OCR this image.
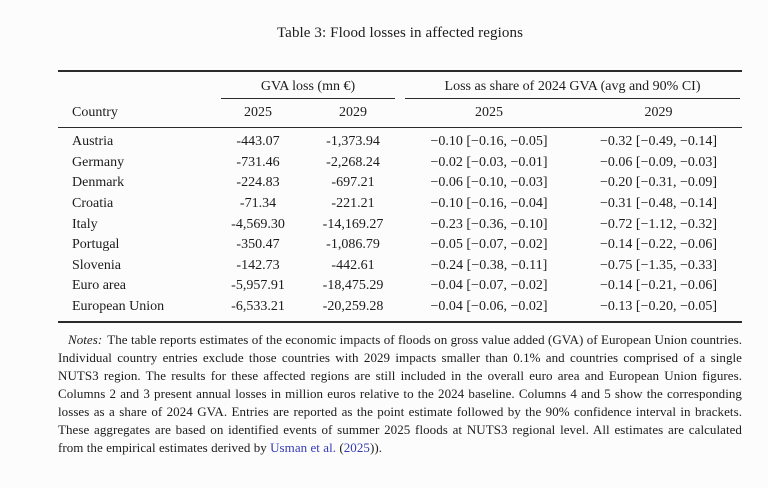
Table 3: Flood losses in affected regions

	GVA loss (mn €)		Loss as share of 2024 GVA (avg and 90% CI)	

Country	2025	2029	2025	2029
Austria	-443.07	-1,373.94	−0.10 [−0.16, −0.05]	−0.32 [−0.49, −0.14]
Germany	-731.46	-2,268.24	−0.02 [−0.03, −0.01]	−0.06 [−0.09, −0.03]
Denmark	-224.83	-697.21	−0.06 [−0.10, −0.03]	−0.20 [−0.31, −0.09]
Croatia	-71.34	-221.21	−0.10 [−0.16, −0.04]	−0.31 [−0.48, −0.14]
Italy	-4,569.30	-14,169.27	−0.23 [−0.36, −0.10]	−0.72 [−1.12, −0.32]
Portugal	-350.47	-1,086.79	−0.05 [−0.07, −0.02]	−0.14 [−0.22, −0.06]
Slovenia	-142.73	-442.61	−0.24 [−0.38, −0.11]	−0.75 [−1.35, −0.33]
Euro area	-5,957.91	-18,475.29	−0.04 [−0.07, −0.02]	−0.14 [−0.21, −0.06]
European Union	-6,533.21	-20,259.28	−0.04 [−0.06, −0.02]	−0.13 [−0.20, −0.05]

Notes: The table reports estimates of the economic impacts of floods on gross value added (GVA) of European Union countries. Individual country entries exclude those countries with 2029 impacts smaller than 0.1% and countries comprised of a single NUTS3 region. The results for these affected regions are still included in the overall euro area and European Union figures. Columns 2 and 3 present annual losses in million euros relative to the 2024 baseline. Columns 4 and 5 show the corresponding losses as a share of 2024 GVA. Entries are reported as the point estimate followed by the 90% confidence interval in brackets. These aggregates are based on identified events of summer 2025 floods at NUTS3 regional level. All estimates are calculated from the empirical estimates derived by Usman et al. (2025)).
